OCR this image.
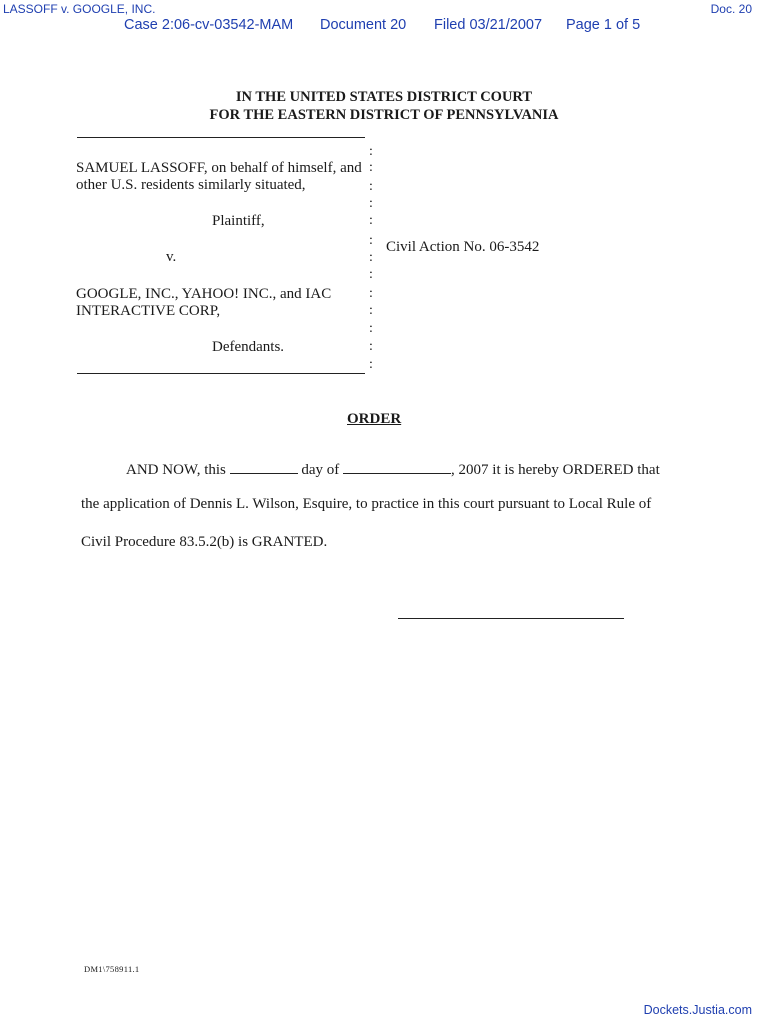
LASSOFF v. GOOGLE, INC.	Doc. 20
Case 2:06-cv-03542-MAM Document 20 Filed 03/21/2007 Page 1 of 5
IN THE UNITED STATES DISTRICT COURT
FOR THE EASTERN DISTRICT OF PENNSYLVANIA
SAMUEL LASSOFF, on behalf of himself, and
other U.S. residents similarly situated,
Plaintiff,
v.
GOOGLE, INC., YAHOO! INC., and IAC
INTERACTIVE CORP,
Defendants.
Civil Action No. 06-3542
:
:
:
:
:
:
:
:
:
:
:
:
:
ORDER
AND NOW, this	day of	, 2007 it is hereby ORDERED that
the application of Dennis L. Wilson, Esquire, to practice in this court pursuant to Local Rule of
Civil Procedure 83.5.2(b) is GRANTED.
DM1\758911.1
Dockets.Justia.com
